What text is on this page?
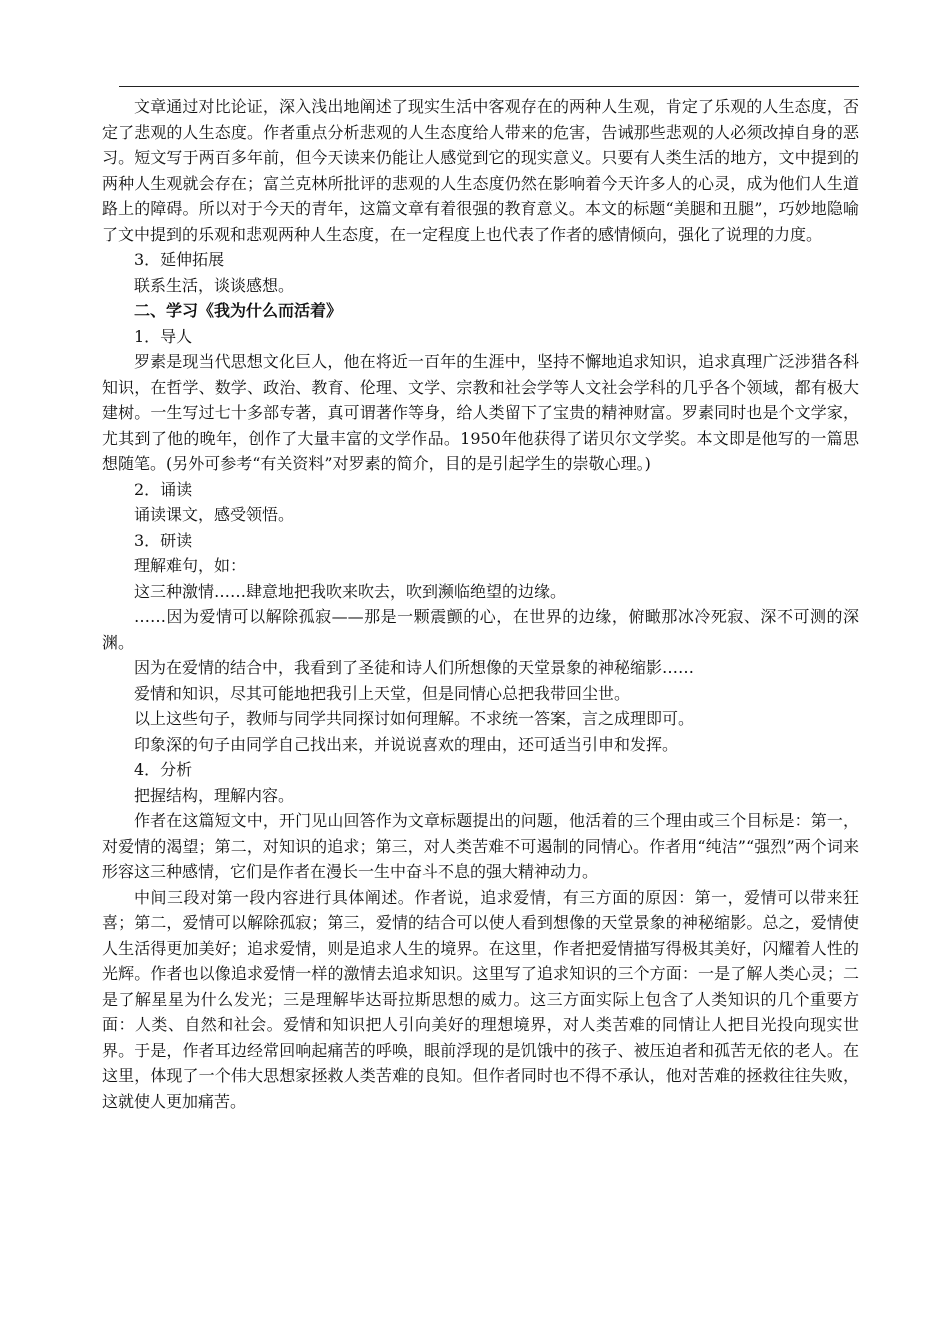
文章通过对比论证，深入浅出地阐述了现实生活中客观存在的两种人生观，肯定了乐观的人生态度，否定了悲观的人生态度。作者重点分析悲观的人生态度给人带来的危害，告诫那些悲观的人必须改掉自身的恶习。短文写于两百多年前，但今天读来仍能让人感觉到它的现实意义。只要有人类生活的地方，文中提到的两种人生观就会存在；富兰克林所批评的悲观的人生态度仍然在影响着今天许多人的心灵，成为他们人生道路上的障碍。所以对于今天的青年，这篇文章有着很强的教育意义。本文的标题“美腿和丑腿”，巧妙地隐喻了文中提到的乐观和悲观两种人生态度，在一定程度上也代表了作者的感情倾向，强化了说理的力度。

3．延伸拓展

联系生活，谈谈感想。

二、学习《我为什么而活着》

1．导人

罗素是现当代思想文化巨人，他在将近一百年的生涯中，坚持不懈地追求知识，追求真理广泛涉猎各科知识，在哲学、数学、政治、教育、伦理、文学、宗教和社会学等人文社会学科的几乎各个领域，都有极大建树。一生写过七十多部专著，真可谓著作等身，给人类留下了宝贵的精神财富。罗素同时也是个文学家，尤其到了他的晚年，创作了大量丰富的文学作品。1950年他获得了诺贝尔文学奖。本文即是他写的一篇思想随笔。(另外可参考“有关资料”对罗素的简介，目的是引起学生的崇敬心理。)

2．诵读

诵读课文，感受领悟。

3．研读

理解难句，如：

这三种激情……肆意地把我吹来吹去，吹到濒临绝望的边缘。

……因为爱情可以解除孤寂——那是一颗震颤的心，在世界的边缘，俯瞰那冰冷死寂、深不可测的深渊。

因为在爱情的结合中，我看到了圣徒和诗人们所想像的天堂景象的神秘缩影……

爱情和知识，尽其可能地把我引上天堂，但是同情心总把我带回尘世。

以上这些句子，教师与同学共同探讨如何理解。不求统一答案，言之成理即可。

印象深的句子由同学自己找出来，并说说喜欢的理由，还可适当引申和发挥。

4．分析

把握结构，理解内容。

作者在这篇短文中，开门见山回答作为文章标题提出的问题，他活着的三个理由或三个目标是：第一，对爱情的渴望；第二，对知识的追求；第三，对人类苦难不可遏制的同情心。作者用“纯洁”“强烈”两个词来形容这三种感情，它们是作者在漫长一生中奋斗不息的强大精神动力。

中间三段对第一段内容进行具体阐述。作者说，追求爱情，有三方面的原因：第一，爱情可以带来狂喜；第二，爱情可以解除孤寂；第三，爱情的结合可以使人看到想像的天堂景象的神秘缩影。总之，爱情使人生活得更加美好；追求爱情，则是追求人生的境界。在这里，作者把爱情描写得极其美好，闪耀着人性的光辉。作者也以像追求爱情一样的激情去追求知识。这里写了追求知识的三个方面：一是了解人类心灵；二是了解星星为什么发光；三是理解毕达哥拉斯思想的威力。这三方面实际上包含了人类知识的几个重要方面：人类、自然和社会。爱情和知识把人引向美好的理想境界，对人类苦难的同情让人把目光投向现实世界。于是，作者耳边经常回响起痛苦的呼唤，眼前浮现的是饥饿中的孩子、被压迫者和孤苦无依的老人。在这里，体现了一个伟大思想家拯救人类苦难的良知。但作者同时也不得不承认，他对苦难的拯救往往失败，这就使人更加痛苦。
